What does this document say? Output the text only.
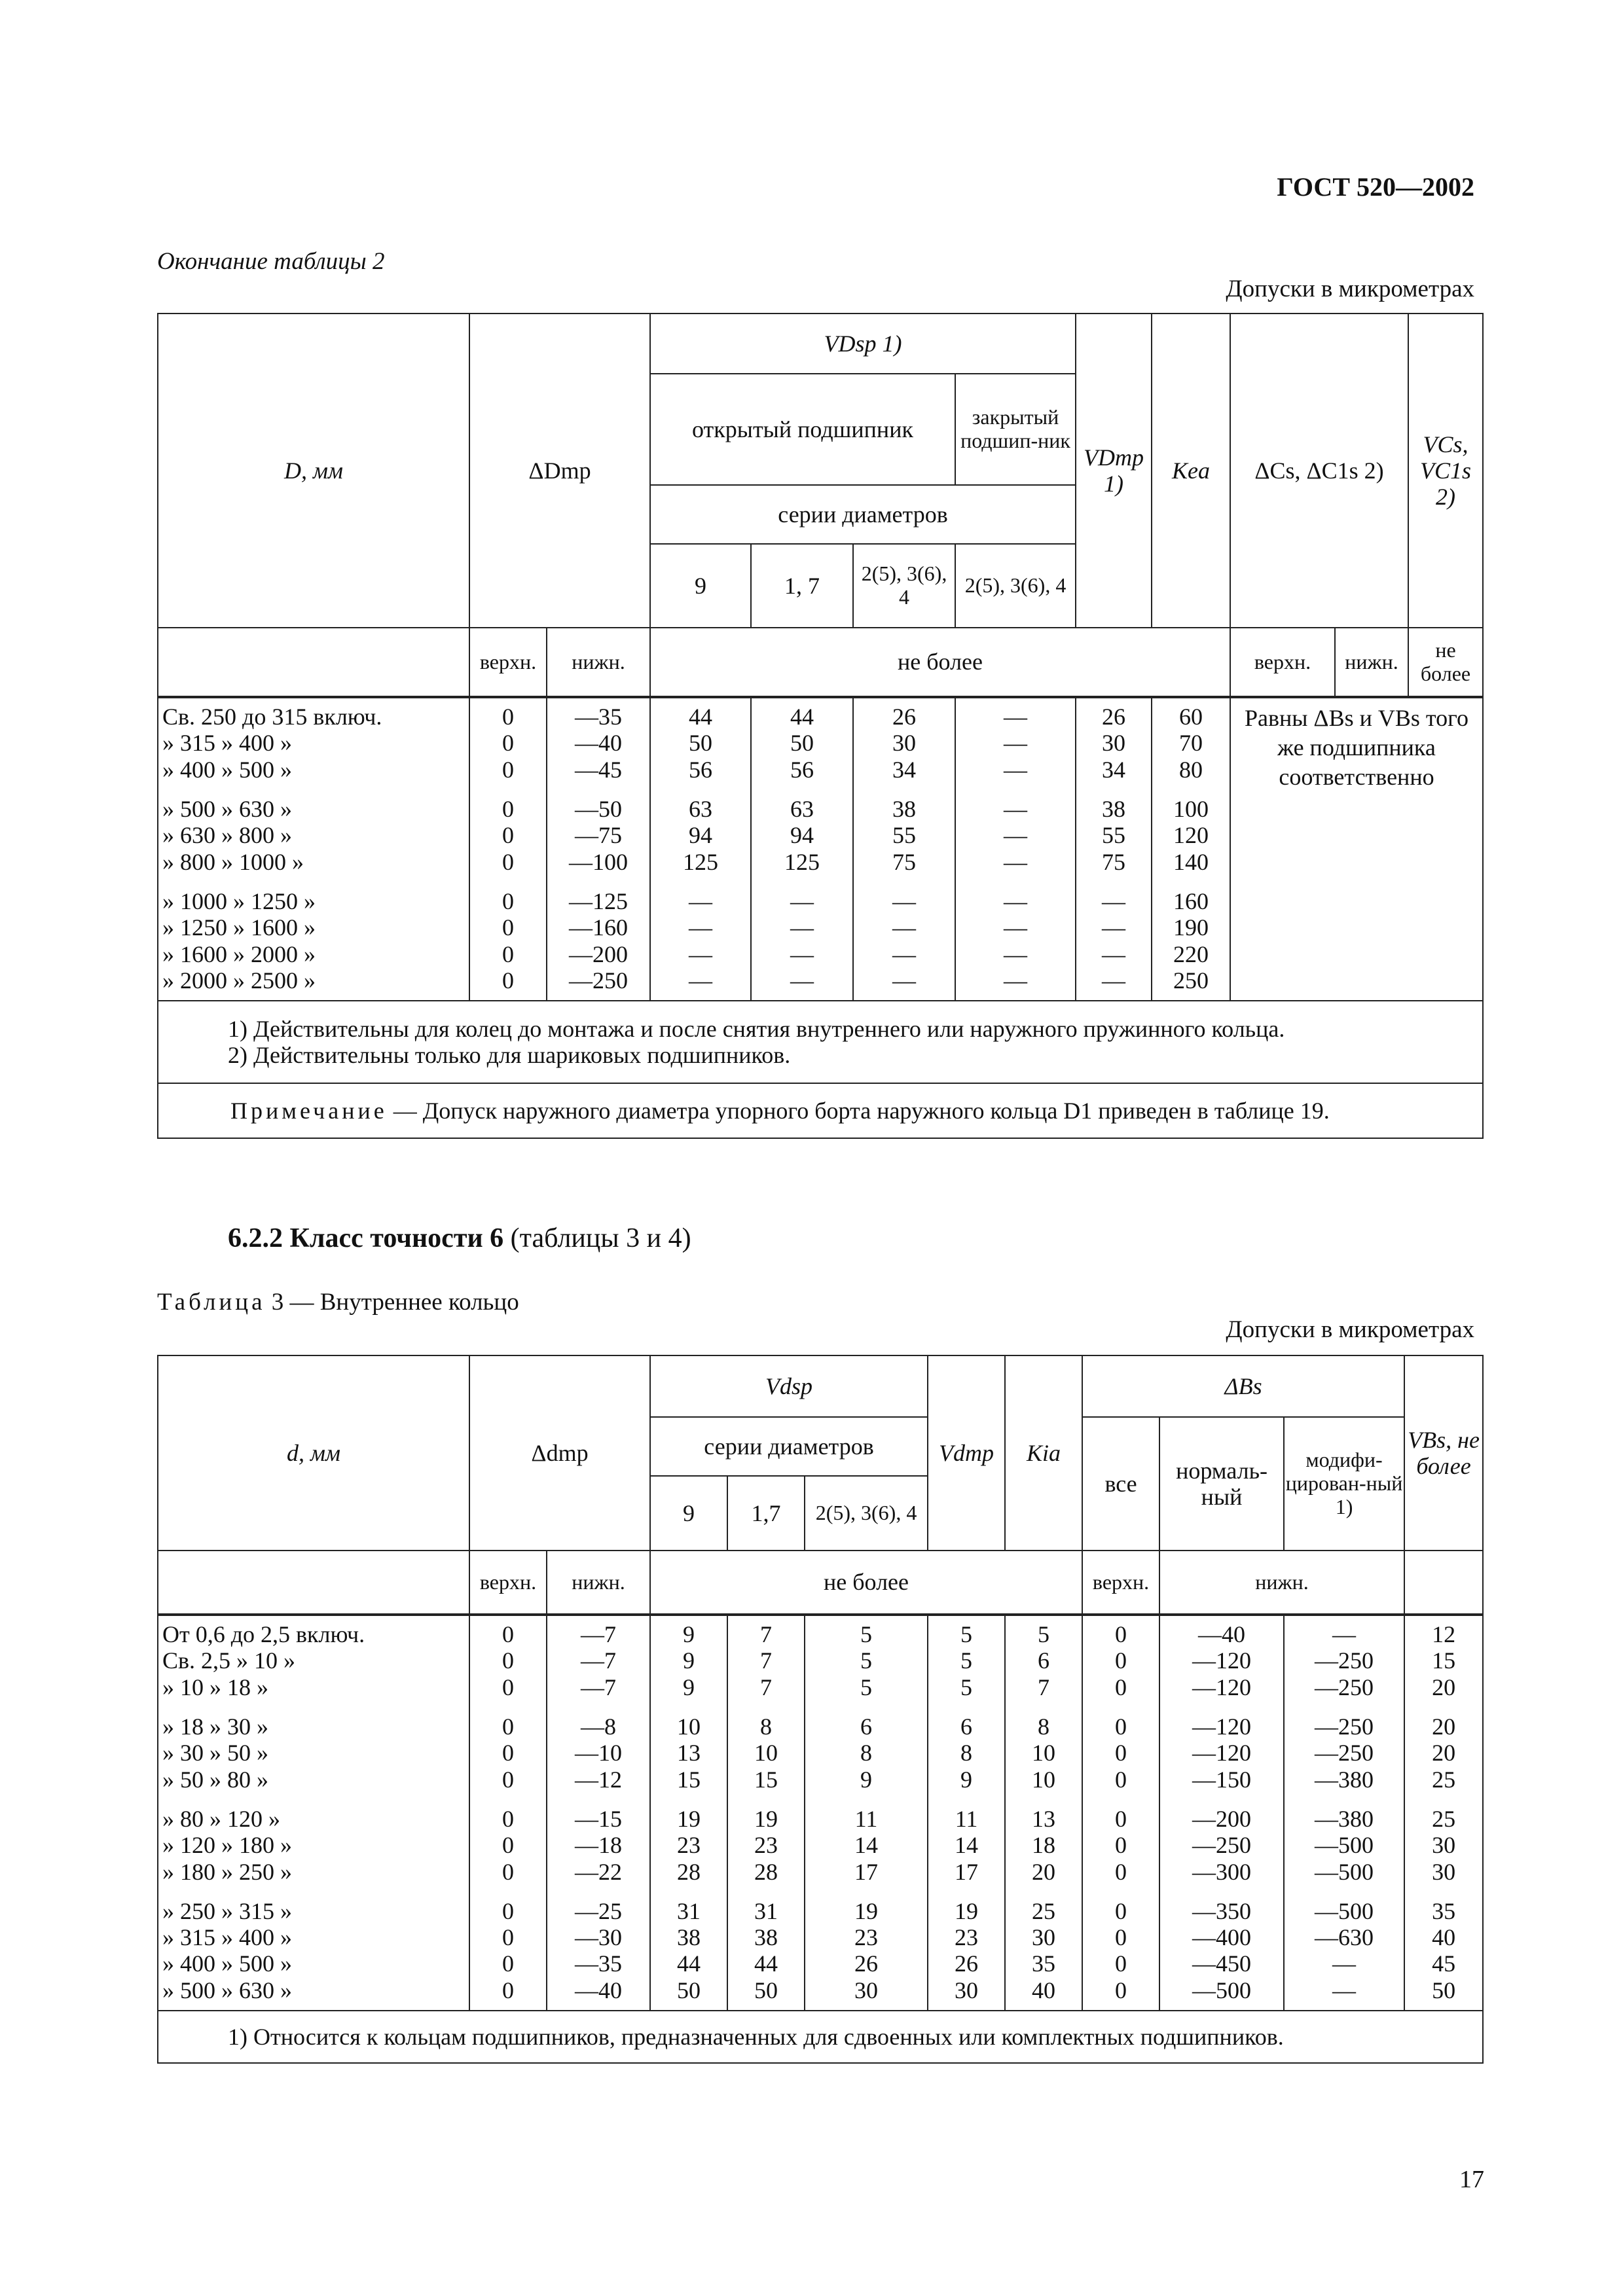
ГОСТ 520—2002
Окончание таблицы 2
Допуски в микрометрах
D, мм	ΔDmp		VDsp 1)				VDmp 1)	Kea	ΔCs, ΔC1s 2)		VCs, VC1s 2)
			открытый подшипник			закрытый подшип-ник					
			серии диаметров								
			9	1, 7	2(5), 3(6), 4	2(5), 3(6), 4					

	верхн.	нижн.	не более						верхн.	нижн.	не более
Св. 250 до 315 включ.	0	—35	44	44	26	—	26	60	Равны ΔBs и VBs того же подшипника соответственно		
» 315 » 400 »	0	—40	50	50	30	—	30	70			
» 400 » 500 »	0	—45	56	56	34	—	34	80			
» 500 » 630 »	0	—50	63	63	38	—	38	100			
» 630 » 800 »	0	—75	94	94	55	—	55	120			
» 800 » 1000 »	0	—100	125	125	75	—	75	140			
» 1000 » 1250 »	0	—125	—	—	—	—	—	160			
» 1250 » 1600 »	0	—160	—	—	—	—	—	190			
» 1600 » 2000 »	0	—200	—	—	—	—	—	220			
» 2000 » 2500 »	0	—250	—	—	—	—	—	250			

1) Действительны для колец до монтажа и после снятия внутреннего или наружного пружинного кольца.
2) Действительны только для шариковых подшипников.											

Примечание — Допуск наружного диаметра упорного борта наружного кольца D1 приведен в таблице 19.											
6.2.2 Класс точности 6 (таблицы 3 и 4)
Таблица 3 — Внутреннее кольцо
Допуски в микрометрах
d, мм	Δdmp		Vdsp			Vdmp	Kia	ΔBs			VBs, не более
			серии диаметров					все	нормаль-ный	модифи-цирован-ный 1)	
			9	1,7	2(5), 3(6), 4						
	верхн.	нижн.	не более					верхн.	нижн.		
От 0,6 до 2,5 включ.	0	—7	9	7	5	5	5	0	—40	—	12
Св. 2,5 » 10 »	0	—7	9	7	5	5	6	0	—120	—250	15
» 10 » 18 »	0	—7	9	7	5	5	7	0	—120	—250	20
» 18 » 30 »	0	—8	10	8	6	6	8	0	—120	—250	20
» 30 » 50 »	0	—10	13	10	8	8	10	0	—120	—250	20
» 50 » 80 »	0	—12	15	15	9	9	10	0	—150	—380	25
» 80 » 120 »	0	—15	19	19	11	11	13	0	—200	—380	25
» 120 » 180 »	0	—18	23	23	14	14	18	0	—250	—500	30
» 180 » 250 »	0	—22	28	28	17	17	20	0	—300	—500	30
» 250 » 315 »	0	—25	31	31	19	19	25	0	—350	—500	35
» 315 » 400 »	0	—30	38	38	23	23	30	0	—400	—630	40
» 400 » 500 »	0	—35	44	44	26	26	35	0	—450	—	45
» 500 » 630 »	0	—40	50	50	30	30	40	0	—500	—	50
1) Относится к кольцам подшипников, предназначенных для сдвоенных или комплектных подшипников.											
17
